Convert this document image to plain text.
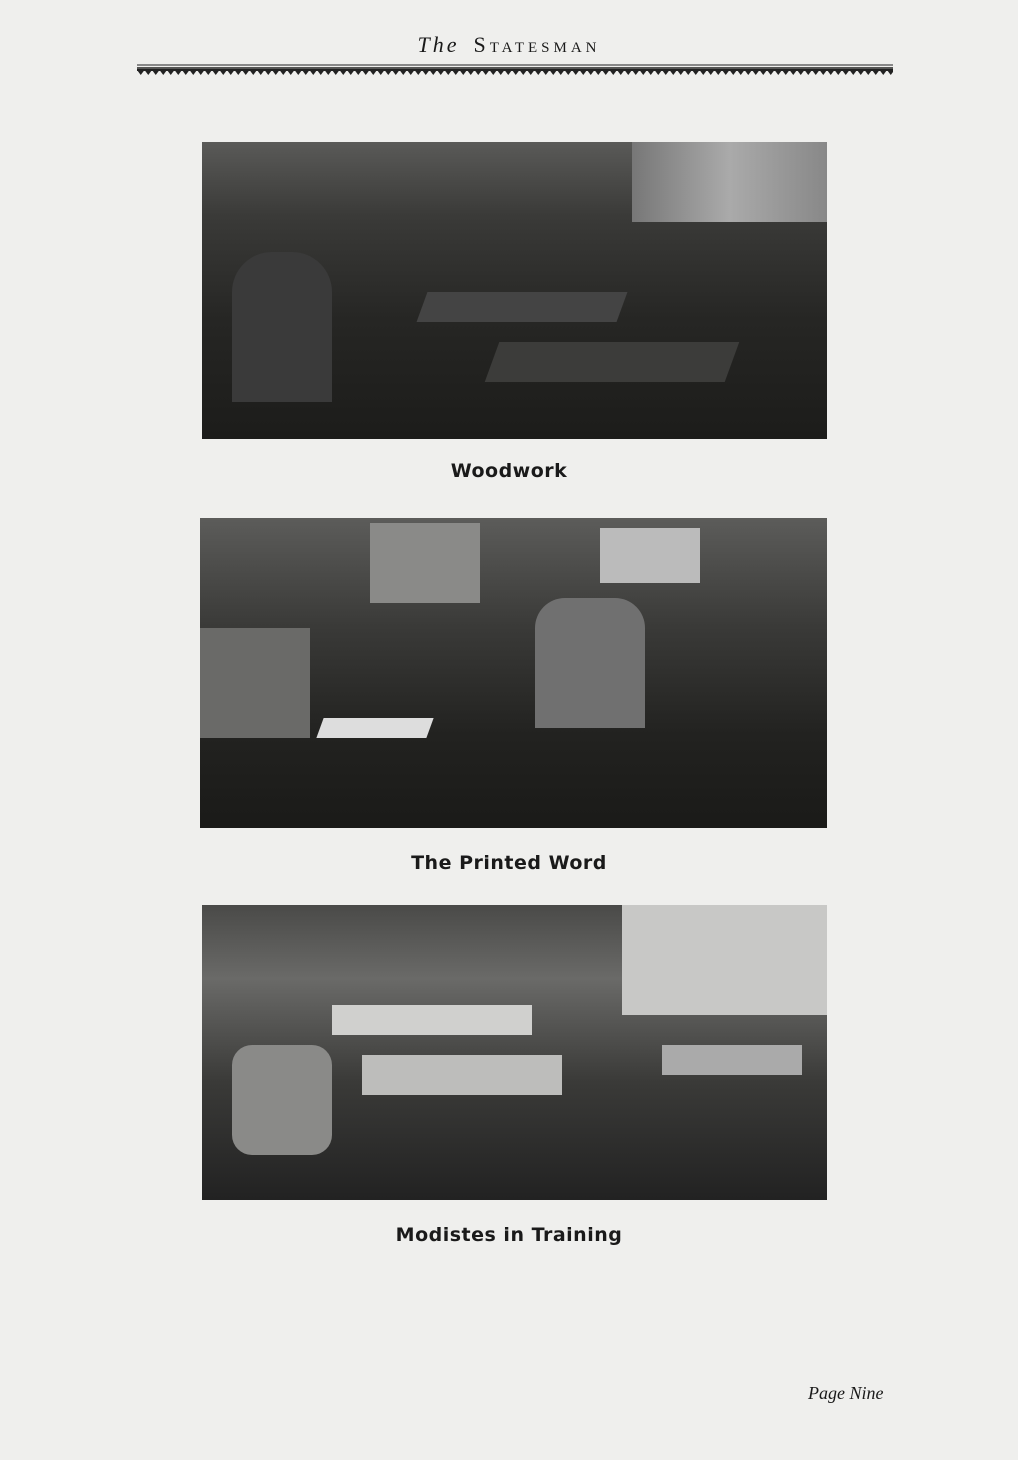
The Statesman
Woodwork
The Printed Word
Modistes in Training
Page Nine
